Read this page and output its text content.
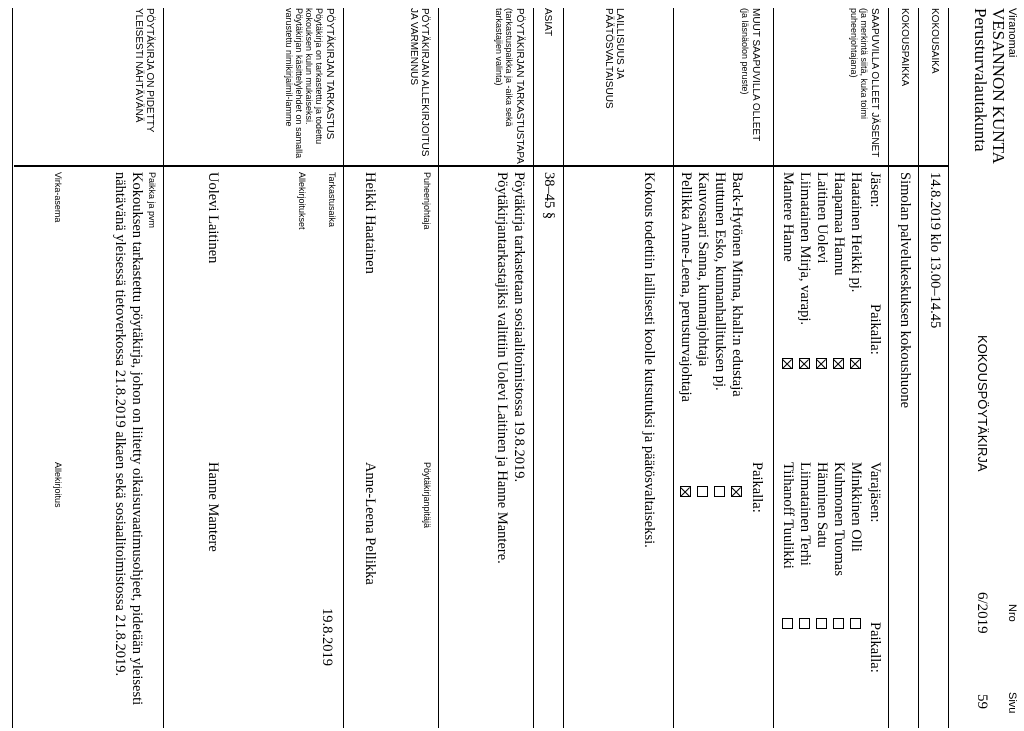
Viranomai
VESANNON KUNTA
Perusturvalautakunta
KOKOUSPÖYTÄKIRJA
Nro
6/2019
Sivu
59
KOKOUSAIKA
14.8.2019 klo 13.00–14.45
KOKOUSPAIKKA
Simolan palvelukeskuksen kokoushuone
SAAPUVILLA OLLEET JÄSENET
(ja merkintä siitä, kuka toimi puheenjohtajana)
Jäsen:
Paikalla:
Varajäsen:
Paikalla:
Haatainen Heikki pj.
Haapamaa Hannu
Laitinen Uolevi
Liimatainen Mirja, varapj.
Mantere Hanne
Minkkinen Olli
Kuhmonen Tuomas
Hänninen Satu
Liimatainen Terhi
Tiihanoff Tuulikki
MUUT SAAPUVILLA OLLEET
(ja läsnäolon peruste)
Paikalla:
Back-Hytönen Minna, khall:n edustaja
Huttunen Esko, kunnanhallituksen pj.
Kauvosaari Sanna, kunnanjohtaja
Pellikka Anne-Leena, perusturvajohtaja
LAILLISUUS JA PÄÄTÖSVALTAISUUS
Kokous todettiin laillisesti koolle kutsutuksi ja päätösvaltaiseksi.
ASIAT
38–45 §
PÖYTÄKIRJAN TARKASTUSTAPA
(tarkastuspaikka ja -aika sekä tarkastajien valinta)
Pöytäkirja tarkastetaan sosiaalitoimistossa 19.8.2019.
Pöytäkirjantarkastajiksi valittiin Uolevi Laitinen ja Hanne Mantere.
PÖYTÄKIRJAN ALLEKIRJOITUS JA VARMENNUS
Puheenjohtaja
Pöytäkirjanpitäjä
Heikki Haatainen
Anne-Leena Pellikka
PÖYTÄKIRJAN TARKASTUS
Pöytäkirja on tarkastettu ja todettu kokouksen kulun mukaiseksi. Pöytäkirjan käsittelylehdet on samalla varustettu nimikirjaimil-lamme
Tarkastusaika
19.8.2019
Allekirjoitukset
Uolevi Laitinen
Hanne Mantere
PÖYTÄKIRJA ON PIDETTY YLEISESTI NÄHTÄVÄNÄ
Paikka ja pvm
Kokouksen tarkastettu pöytäkirja, johon on liitetty oikaisuvaatimusohjeet, pidetään yleisesti nähtävänä yleisessä tietoverkossa 21.8.2019 alkaen sekä sosiaalitoimistossa 21.8.2019.
Virka-asema
Allekirjoitus
